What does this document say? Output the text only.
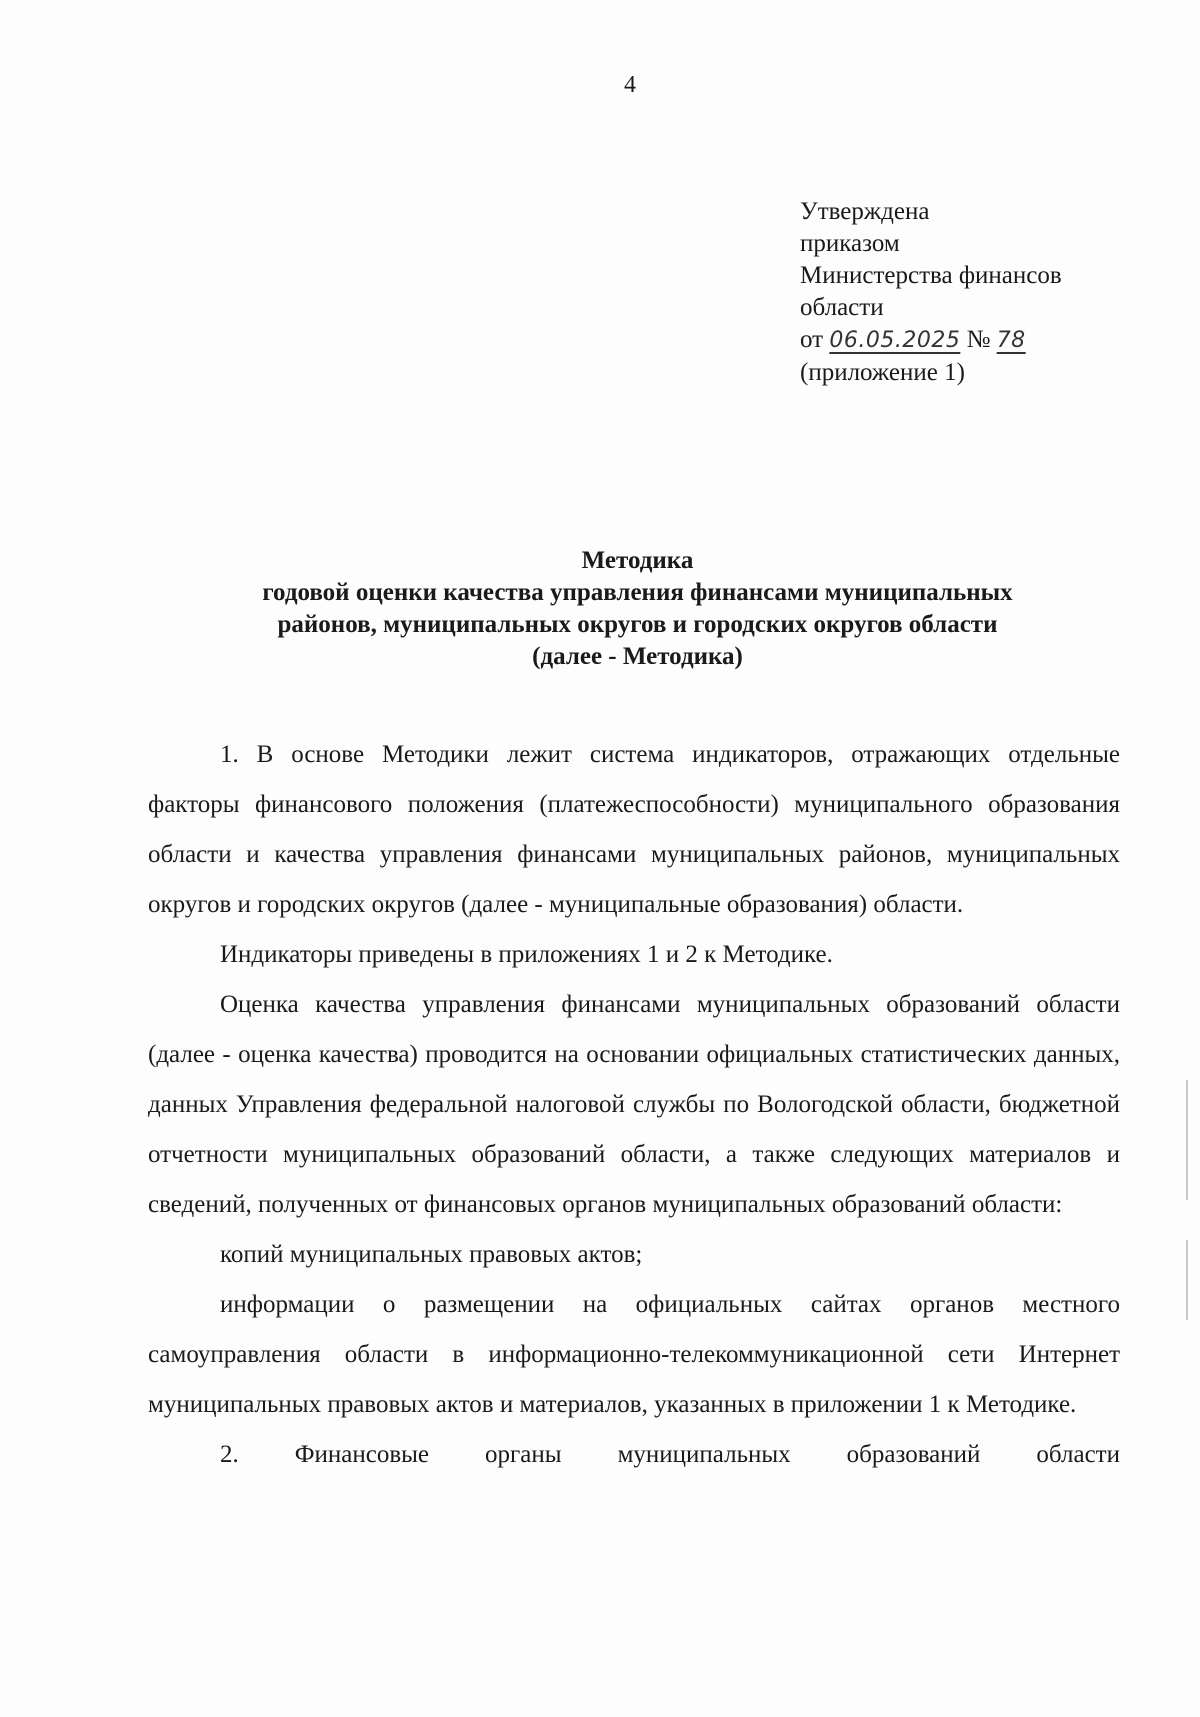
4
Утверждена
приказом
Министерства финансов
области
от 06.05.2025 № 78
(приложение 1)
Методика
годовой оценки качества управления финансами муниципальных
районов, муниципальных округов и городских округов области
(далее - Методика)

1. В основе Методики лежит система индикаторов, отражающих отдельные факторы финансового положения (платежеспособности) муниципального образования области и качества управления финансами муниципальных районов, муниципальных округов и городских округов (далее - муниципальные образования) области.

Индикаторы приведены в приложениях 1 и 2 к Методике.

Оценка качества управления финансами муниципальных образований области (далее - оценка качества) проводится на основании официальных статистических данных, данных Управления федеральной налоговой службы по Вологодской области, бюджетной отчетности муниципальных образований области, а также следующих материалов и сведений, полученных от финансовых органов муниципальных образований области:

копий муниципальных правовых актов;

информации о размещении на официальных сайтах органов местного самоуправления области в информационно-телекоммуникационной сети Интернет муниципальных правовых актов и материалов, указанных в приложении 1 к Методике.

2. Финансовые органы муниципальных образований области
